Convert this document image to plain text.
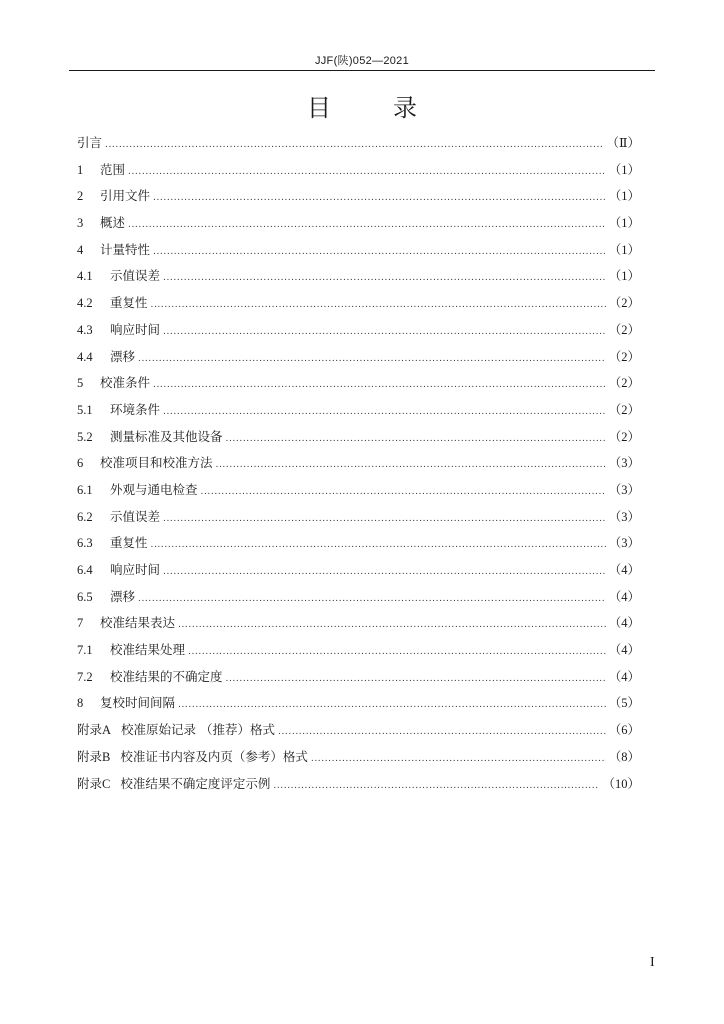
JJF(陕)052—2021
目录
引言 .....	（Ⅱ）
1	范围 .....	（1）
2	引用文件 .....	（1）
3	概述 .....	（1）
4	计量特性 .....	（1）
4.1	示值误差 .....	（1）
4.2	重复性 .....	（2）
4.3	响应时间 .....	（2）
4.4	漂移 .....	（2）
5	校准条件 .....	（2）
5.1	环境条件 .....	（2）
5.2	测量标准及其他设备 .....	（2）
6	校准项目和校准方法 .....	（3）
6.1	外观与通电检查 .....	（3）
6.2	示值误差 .....	（3）
6.3	重复性 .....	（3）
6.4	响应时间 .....	（4）
6.5	漂移 .....	（4）
7	校准结果表达 .....	（4）
7.1	校准结果处理 .....	（4）
7.2	校准结果的不确定度 .....	（4）
8	复校时间间隔 .....	（5）
附录A 校准原始记录 （推荐）格式 .....	（6）
附录B 校准证书内容及内页（参考）格式 .....	（8）
附录C 校准结果不确定度评定示例 .....	（10）
I
